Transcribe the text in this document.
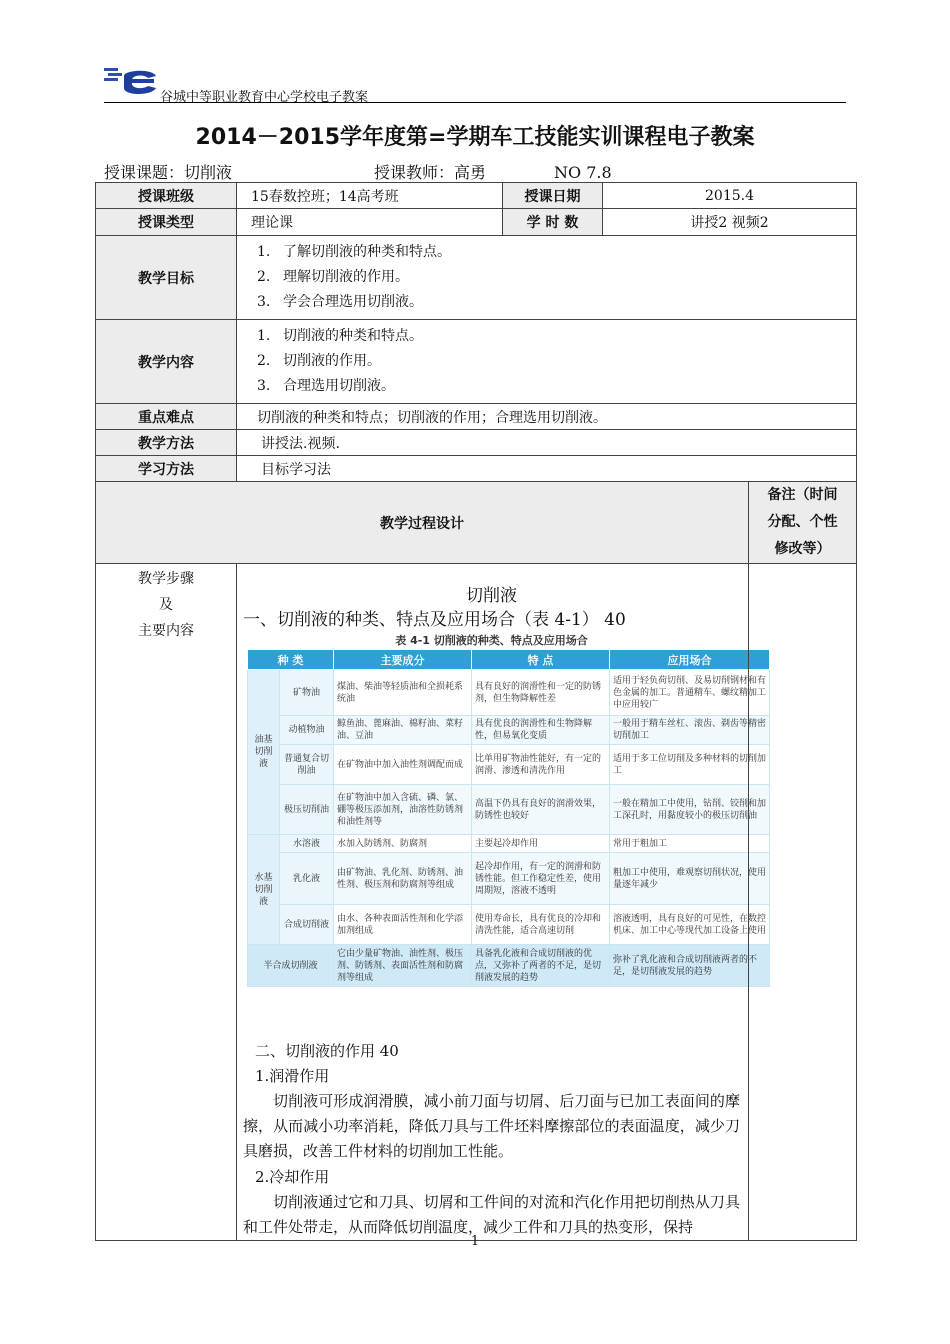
谷城中等职业教育中心学校电子教案
2014－2015学年度第=学期车工技能实训课程电子教案
授课课题：切削液	授课教师：高勇	NO 7.8
授课班级	15春数控班；14高考班	授课日期	2015.4
授课类型	理论课	学 时 数	讲授2 视频2
教学目标	
1. 了解切削液的种类和特点。
2. 理解切削液的作用。
3. 学会合理选用切削液。

教学内容	
1. 切削液的种类和特点。
2. 切削液的作用。
3. 合理选用切削液。

重点难点	切削液的种类和特点；切削液的作用；合理选用切削液。
教学方法	讲授法.视频.
学习方法	目标学习法
教学过程设计	
备注（时间
分配、个性
修改等）

教学步骤
及
主要内容

切削液
一、切削液的种类、特点及应用场合（表 4-1） 40
表 4-1 切削液的种类、特点及应用场合
种 类	主要成分	特 点	应用场合
油基切削液	矿物油	煤油、柴油等轻质油和全损耗系统油	具有良好的润滑性和一定的防锈剂，但生物降解性差	适用于轻负荷切削、及易切削钢材和有色金属的加工。普通精车、螺纹精加工中应用较广
动植物油	鲸鱼油、蓖麻油、棉籽油、菜籽油、豆油	具有优良的润滑性和生物降解性，但易氧化变质	一般用于精车丝杠、滚齿、剃齿等精密切削加工
普通复合切削油	在矿物油中加入油性剂调配而成	比单用矿物油性能好，有一定的润滑、渗透和清洗作用	适用于多工位切削及多种材料的切削加工
极压切削油	在矿物油中加入含硫、磷、氯、硼等极压添加剂，油溶性防锈剂和油性剂等	高温下仍具有良好的润滑效果，防锈性也较好	一般在精加工中使用，钻削、铰削和加工深孔时，用黏度较小的极压切削油
水基切削液	水溶液	水加入防锈剂、防腐剂	主要起冷却作用	常用于粗加工
乳化液	由矿物油、乳化剂、防锈剂、油性剂、极压剂和防腐剂等组成	起冷却作用，有一定的润滑和防锈性能。但工作稳定性差，使用周期短，溶液不透明	粗加工中使用，难观察切削状况，使用量逐年减少
合成切削液	由水、各种表面活性剂和化学添加剂组成	使用寿命长，具有优良的冷却和清洗性能，适合高速切削	溶液透明，具有良好的可见性，在数控机床、加工中心等现代加工设备上使用
半合成切削液	它由少量矿物油、油性剂、极压剂、防锈剂、表面活性剂和防腐剂等组成	具备乳化液和合成切削液的优点，又弥补了两者的不足，是切削液发展的趋势	弥补了乳化液和合成切削液两者的不足，是切削液发展的趋势
二、切削液的作用 40
1.润滑作用
切削液可形成润滑膜，减小前刀面与切屑、后刀面与已加工表面间的摩擦，从而减小功率消耗，降低刀具与工件坯料摩擦部位的表面温度，减少刀具磨损，改善工件材料的切削加工性能。
2.冷却作用
切削液通过它和刀具、切屑和工件间的对流和汽化作用把切削热从刀具和工件处带走，从而降低切削温度，减少工件和刀具的热变形，保持

1
